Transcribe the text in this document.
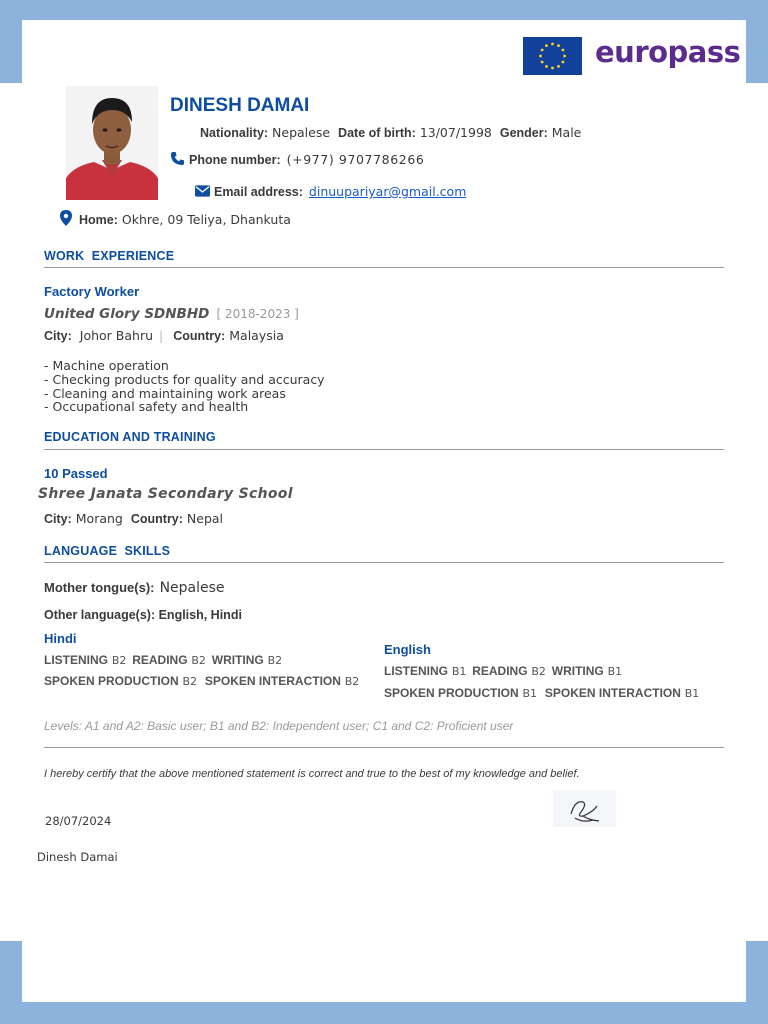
europass
DINESH DAMAI
Nationality: Nepalese Date of birth: 13/07/1998 Gender: Male
Phone number: (+977) 9707786266
Email address: dinuupariyar@gmail.com
Home: Okhre, 09 Teliya, Dhankuta
WORK  EXPERIENCE
Factory Worker
United Glory SDNBHD [ 2018-2023 ]
City: Johor Bahru | Country: Malaysia
- Machine operation
- Checking products for quality and accuracy
- Cleaning and maintaining work areas
- Occupational safety and health
EDUCATION AND TRAINING
10 Passed
Shree Janata Secondary School
City: Morang Country: Nepal
LANGUAGE  SKILLS
Mother tongue(s): Nepalese
Other language(s): English, Hindi
Hindi
LISTENING B2 READING B2 WRITING B2
SPOKEN PRODUCTION B2 SPOKEN INTERACTION B2
English
LISTENING B1 READING B2 WRITING B1
SPOKEN PRODUCTION B1 SPOKEN INTERACTION B1
Levels: A1 and A2: Basic user; B1 and B2: Independent user; C1 and C2: Proficient user
I hereby certify that the above mentioned statement is correct and true to the best of my knowledge and belief.
28/07/2024
Dinesh Damai
